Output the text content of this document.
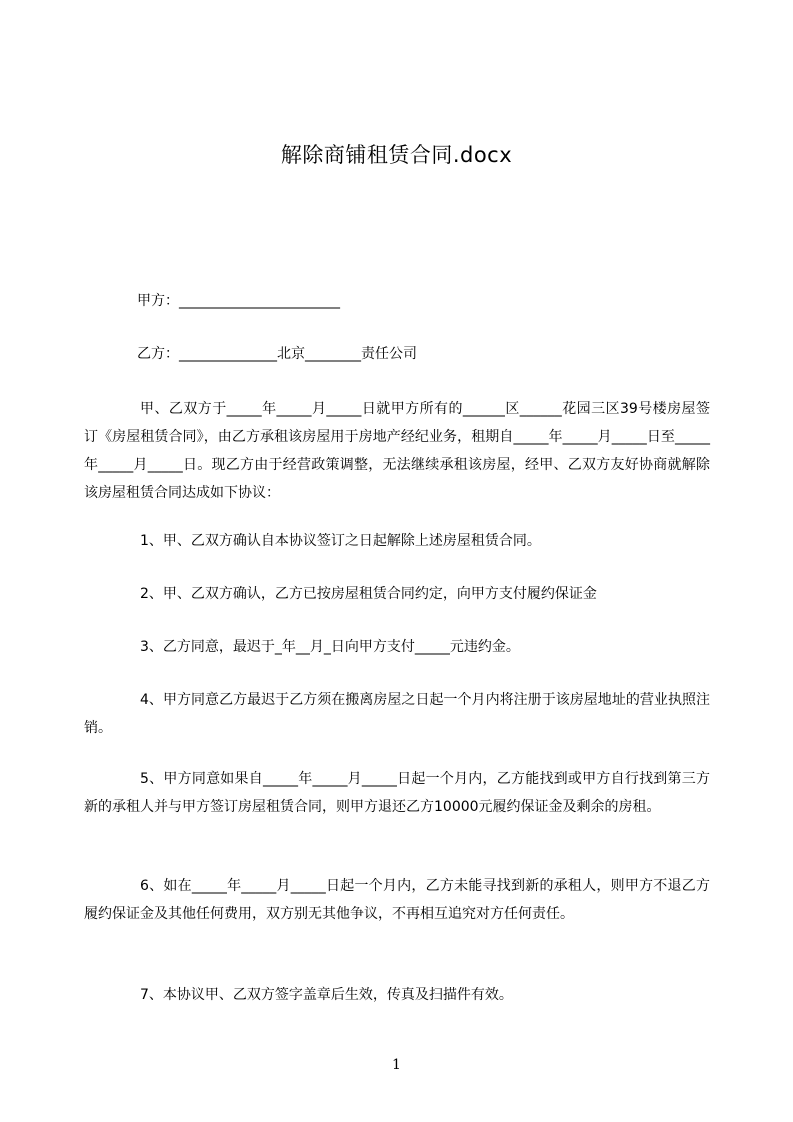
解除商铺租赁合同.docx
甲方：_______________________
乙方：______________北京________责任公司
甲、乙双方于_____年_____月_____日就甲方所有的______区______花园三区39号楼房屋签订《房屋租赁合同》，由乙方承租该房屋用于房地产经纪业务，租期自_____年_____月_____日至_____年_____月_____日。现乙方由于经营政策调整，无法继续承租该房屋，经甲、乙双方友好协商就解除该房屋租赁合同达成如下协议：
1、甲、乙双方确认自本协议签订之日起解除上述房屋租赁合同。
2、甲、乙双方确认，乙方已按房屋租赁合同约定，向甲方支付履约保证金
3、乙方同意，最迟于_年__月_日向甲方支付_____元违约金。
4、甲方同意乙方最迟于乙方须在搬离房屋之日起一个月内将注册于该房屋地址的营业执照注销。
5、甲方同意如果自_____年_____月_____日起一个月内，乙方能找到或甲方自行找到第三方新的承租人并与甲方签订房屋租赁合同，则甲方退还乙方10000元履约保证金及剩余的房租。
6、如在_____年_____月_____日起一个月内，乙方未能寻找到新的承租人，则甲方不退乙方履约保证金及其他任何费用，双方别无其他争议，不再相互追究对方任何责任。
7、本协议甲、乙双方签字盖章后生效，传真及扫描件有效。
1
